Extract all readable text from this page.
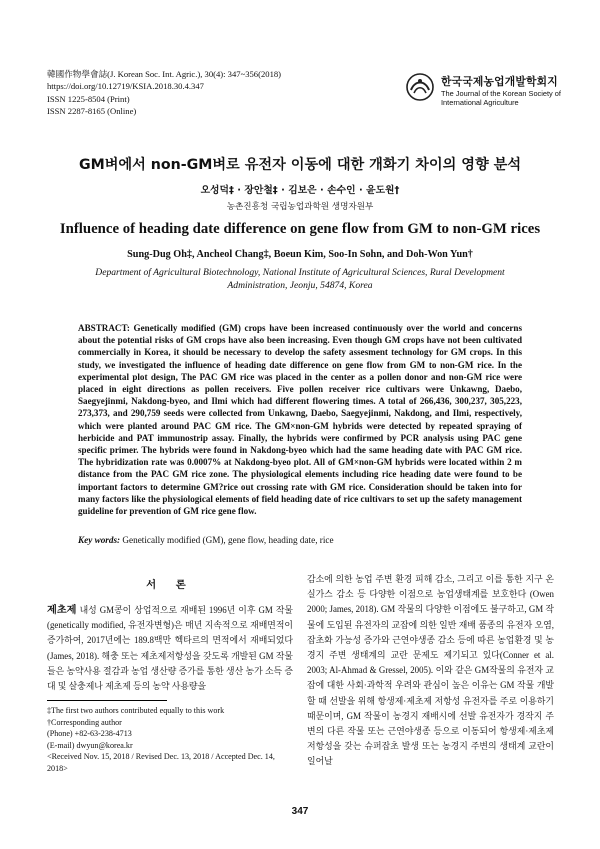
韓國作物學會誌(J. Korean Soc. Int. Agric.), 30(4): 347~356(2018)
https://doi.org/10.12719/KSIA.2018.30.4.347
ISSN 1225-8504 (Print)
ISSN 2287-8165 (Online)
한국국제농업개발학회지
The Journal of the Korean Society of International Agriculture
GM벼에서 non-GM벼로 유전자 이동에 대한 개화기 차이의 영향 분석
오성덕‡ · 장안철‡ · 김보은 · 손수인 · 윤도원†
농촌진흥청 국립농업과학원 생명자원부
Influence of heading date difference on gene flow from GM to non-GM rices
Sung-Dug Oh‡, Ancheol Chang‡, Boeun Kim, Soo-In Sohn, and Doh-Won Yun†
Department of Agricultural Biotechnology, National Institute of Agricultural Sciences, Rural Development Administration, Jeonju, 54874, Korea
ABSTRACT: Genetically modified (GM) crops have been increased continuously over the world and concerns about the potential risks of GM crops have also been increasing. Even though GM crops have not been cultivated commercially in Korea, it should be necessary to develop the safety assesment technology for GM crops. In this study, we investigated the influence of heading date difference on gene flow from GM to non-GM rice. In the experimental plot design, The PAC GM rice was placed in the center as a pollen donor and non-GM rice were placed in eight directions as pollen receivers. Five pollen receiver rice cultivars were Unkawng, Daebo, Saegyejinmi, Nakdong-byeo, and Ilmi which had different flowering times. A total of 266,436, 300,237, 305,223, 273,373, and 290,759 seeds were collected from Unkawng, Daebo, Saegyejinmi, Nakdong, and Ilmi, respectively, which were planted around PAC GM rice. The GM×non-GM hybrids were detected by repeated spraying of herbicide and PAT immunostrip assay. Finally, the hybrids were confirmed by PCR analysis using PAC gene specific primer. The hybrids were found in Nakdong-byeo which had the same heading date with PAC GM rice. The hybridization rate was 0.0007% at Nakdong-byeo plot. All of GM×non-GM hybrids were located within 2 m distance from the PAC GM rice zone. The physiological elements including rice heading date were found to be important factors to determine GM?rice out crossing rate with GM rice. Consideration should be taken into for many factors like the physiological elements of field heading date of rice cultivars to set up the safety management guideline for prevention of GM rice gene flow.
Key words: Genetically modified (GM), gene flow, heading date, rice
서 론
제초제 내성 GM콩이 상업적으로 재배된 1996년 이후 GM 작물 (genetically modified, 유전자변형)은 매년 지속적으로 재배면적이 증가하여, 2017년에는 189.8백만 헥타르의 면적에서 재배되었다(James, 2018). 해충 또는 제초제저항성을 갖도록 개발된 GM 작물들은 농약사용 절감과 농업 생산량 증가를 통한 생산 농가 소득 증대 및 살충제나 제초제 등의 농약 사용량을
감소에 의한 농업 주변 환경 피해 감소, 그리고 이를 통한 지구 온실가스 감소 등 다양한 이점으로 농업생태계를 보호한다 (Owen 2000; James, 2018). GM 작물의 다양한 이점에도 불구하고, GM 작물에 도입된 유전자의 교잡에 의한 일반 재배 품종의 유전자 오염, 잡초화 가능성 증가와 근연야생종 감소 등에 따른 농업환경 및 농경지 주변 생태계의 교란 문제도 제기되고 있다(Conner et al. 2003; Al-Ahmad & Gressel, 2005). 이와 같은 GM작물의 유전자 교잡에 대한 사회·과학적 우려와 관심이 높은 이유는 GM 작물 개발할 때 선발을 위해 항생제·제초제 저항성 유전자를 주로 이용하기 때문이며, GM 작물이 농경지 재배시에 선발 유전자가 경작지 주변의 다른 작물 또는 근연야생종 등으로 이동되어 항생제·제초제 저항성을 갖는 슈퍼잡초 발생 또는 농경지 주변의 생태계 교란이 일어날
‡The first two authors contributed equally to this work
†Corresponding author
(Phone) +82-63-238-4713
(E-mail) dwyun@korea.kr
<Received Nov. 15, 2018 / Revised Dec. 13, 2018 / Accepted Dec. 14, 2018>
347
